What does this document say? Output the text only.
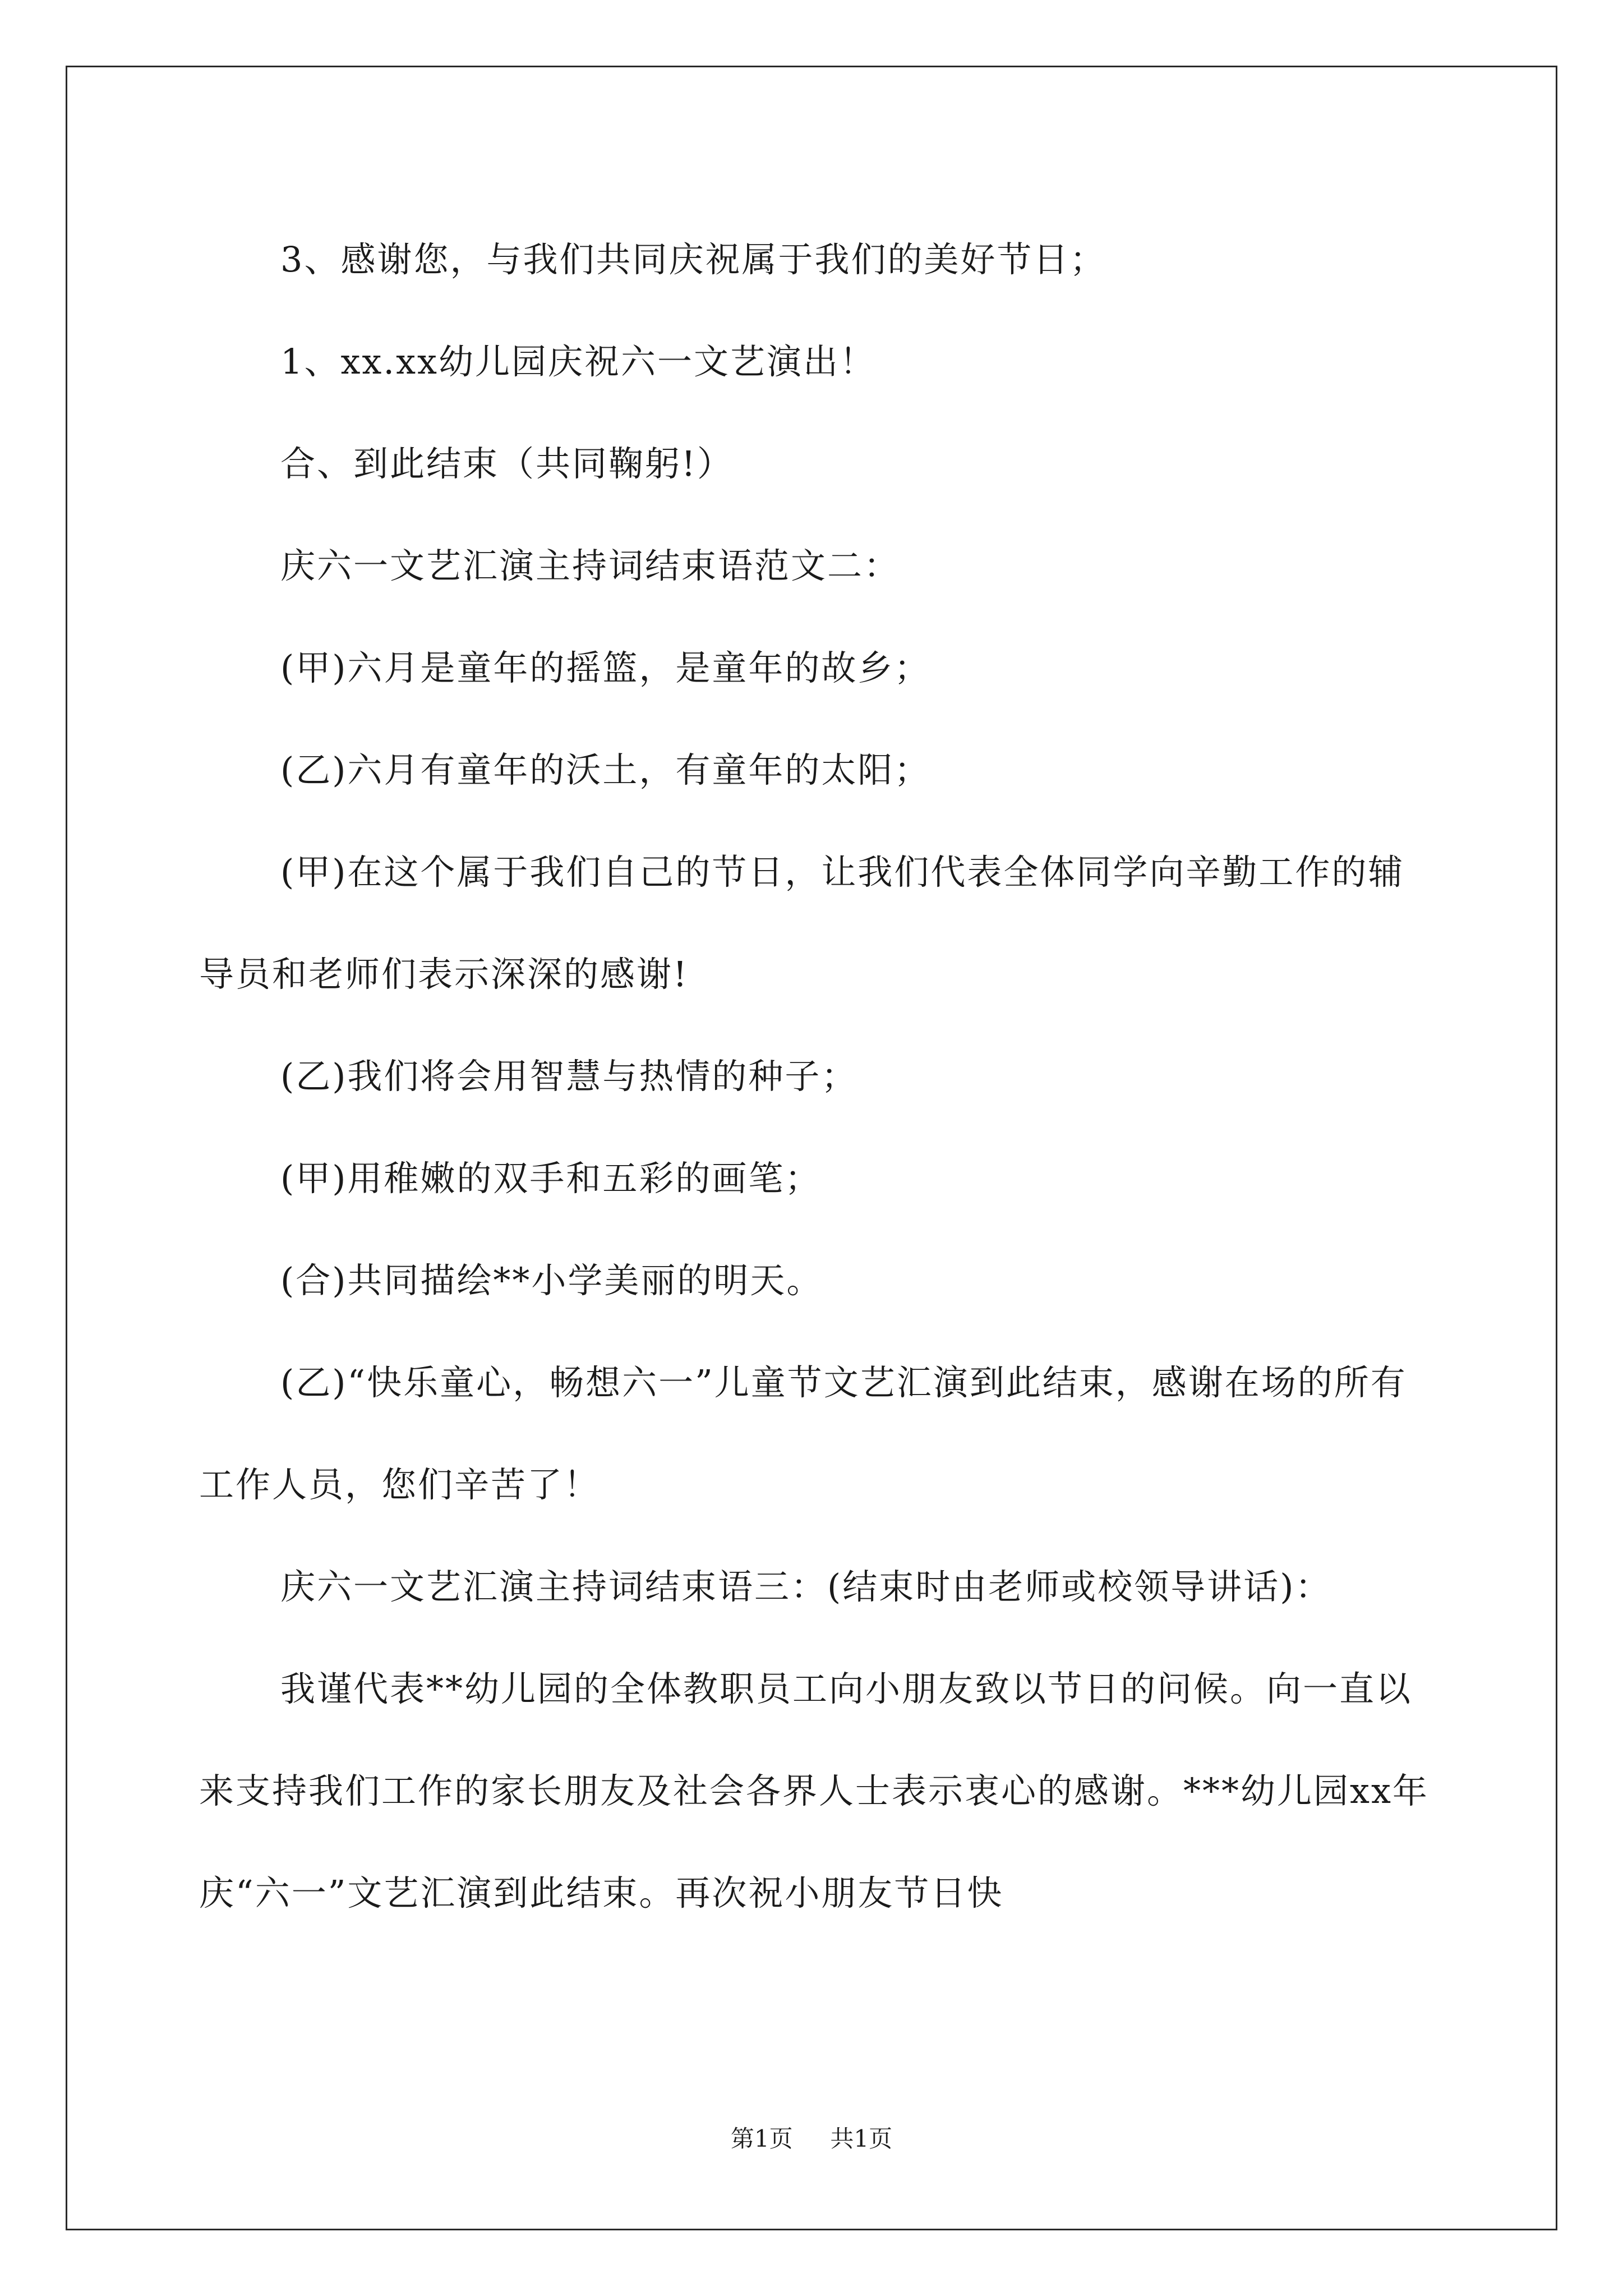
3、感谢您，与我们共同庆祝属于我们的美好节日；

1、xx.xx幼儿园庆祝六一文艺演出！

合、到此结束（共同鞠躬!）

庆六一文艺汇演主持词结束语范文二：

(甲)六月是童年的摇篮，是童年的故乡；

(乙)六月有童年的沃土，有童年的太阳；

(甲)在这个属于我们自己的节日，让我们代表全体同学向辛勤工作的辅导员和老师们表示深深的感谢!

(乙)我们将会用智慧与热情的种子；

(甲)用稚嫩的双手和五彩的画笔；

(合)共同描绘**小学美丽的明天。

(乙)“快乐童心，畅想六一”儿童节文艺汇演到此结束，感谢在场的所有工作人员，您们辛苦了！

庆六一文艺汇演主持词结束语三：(结束时由老师或校领导讲话)：

我谨代表**幼儿园的全体教职员工向小朋友致以节日的问候。向一直以来支持我们工作的家长朋友及社会各界人士表示衷心的感谢。***幼儿园xx年庆“六一”文艺汇演到此结束。再次祝小朋友节日快

第1页 共1页
